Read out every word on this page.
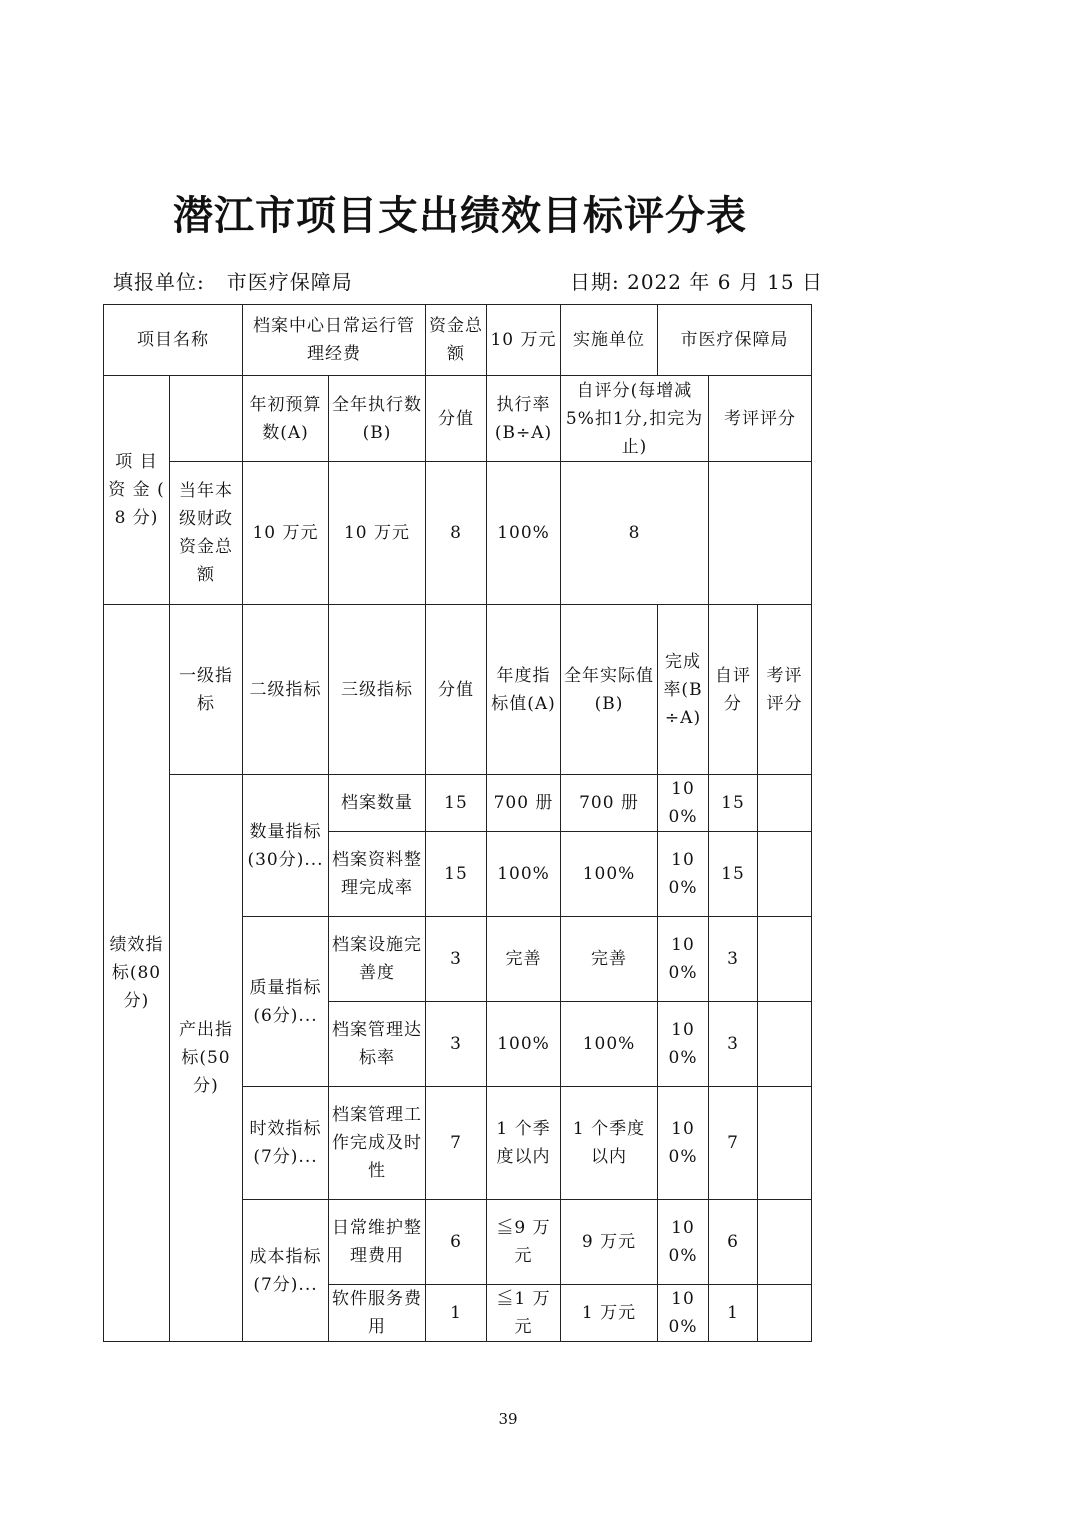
潜江市项目支出绩效目标评分表
填报单位: 市医疗保障局	日期: 2022 年 6 月 15 日
项目名称		档案中心日常运行管理经费		资金总额	10 万元	实施单位	市医疗保障局		
项 目 资 金 ( 8 分)		年初预算数(A)	全年执行数(B)	分值	执行率(B÷A)	自评分(每增减5%扣1分,扣完为止)		考评评分	
	当年本级财政资金总额	10 万元	10 万元	8	100%	8			
绩效指标(80分)	一级指标	二级指标	三级指标	分值	年度指标值(A)	全年实际值(B)	完成率(B÷A)	自评分	考评评分
	产出指标(50分)	数量指标(30分)...	档案数量	15	700 册	700 册	100%	15	
			档案资料整理完成率	15	100%	100%	100%	15	
		质量指标(6分)...	档案设施完善度	3	完善	完善	100%	3	
			档案管理达标率	3	100%	100%	100%	3	
		时效指标(7分)...	档案管理工作完成及时性	7	1 个季度以内	1 个季度以内	100%	7	
		成本指标(7分)...	日常维护整理费用	6	≦9 万元	9 万元	100%	6	
			软件服务费用	1	≦1 万元	1 万元	100%	1	
39
